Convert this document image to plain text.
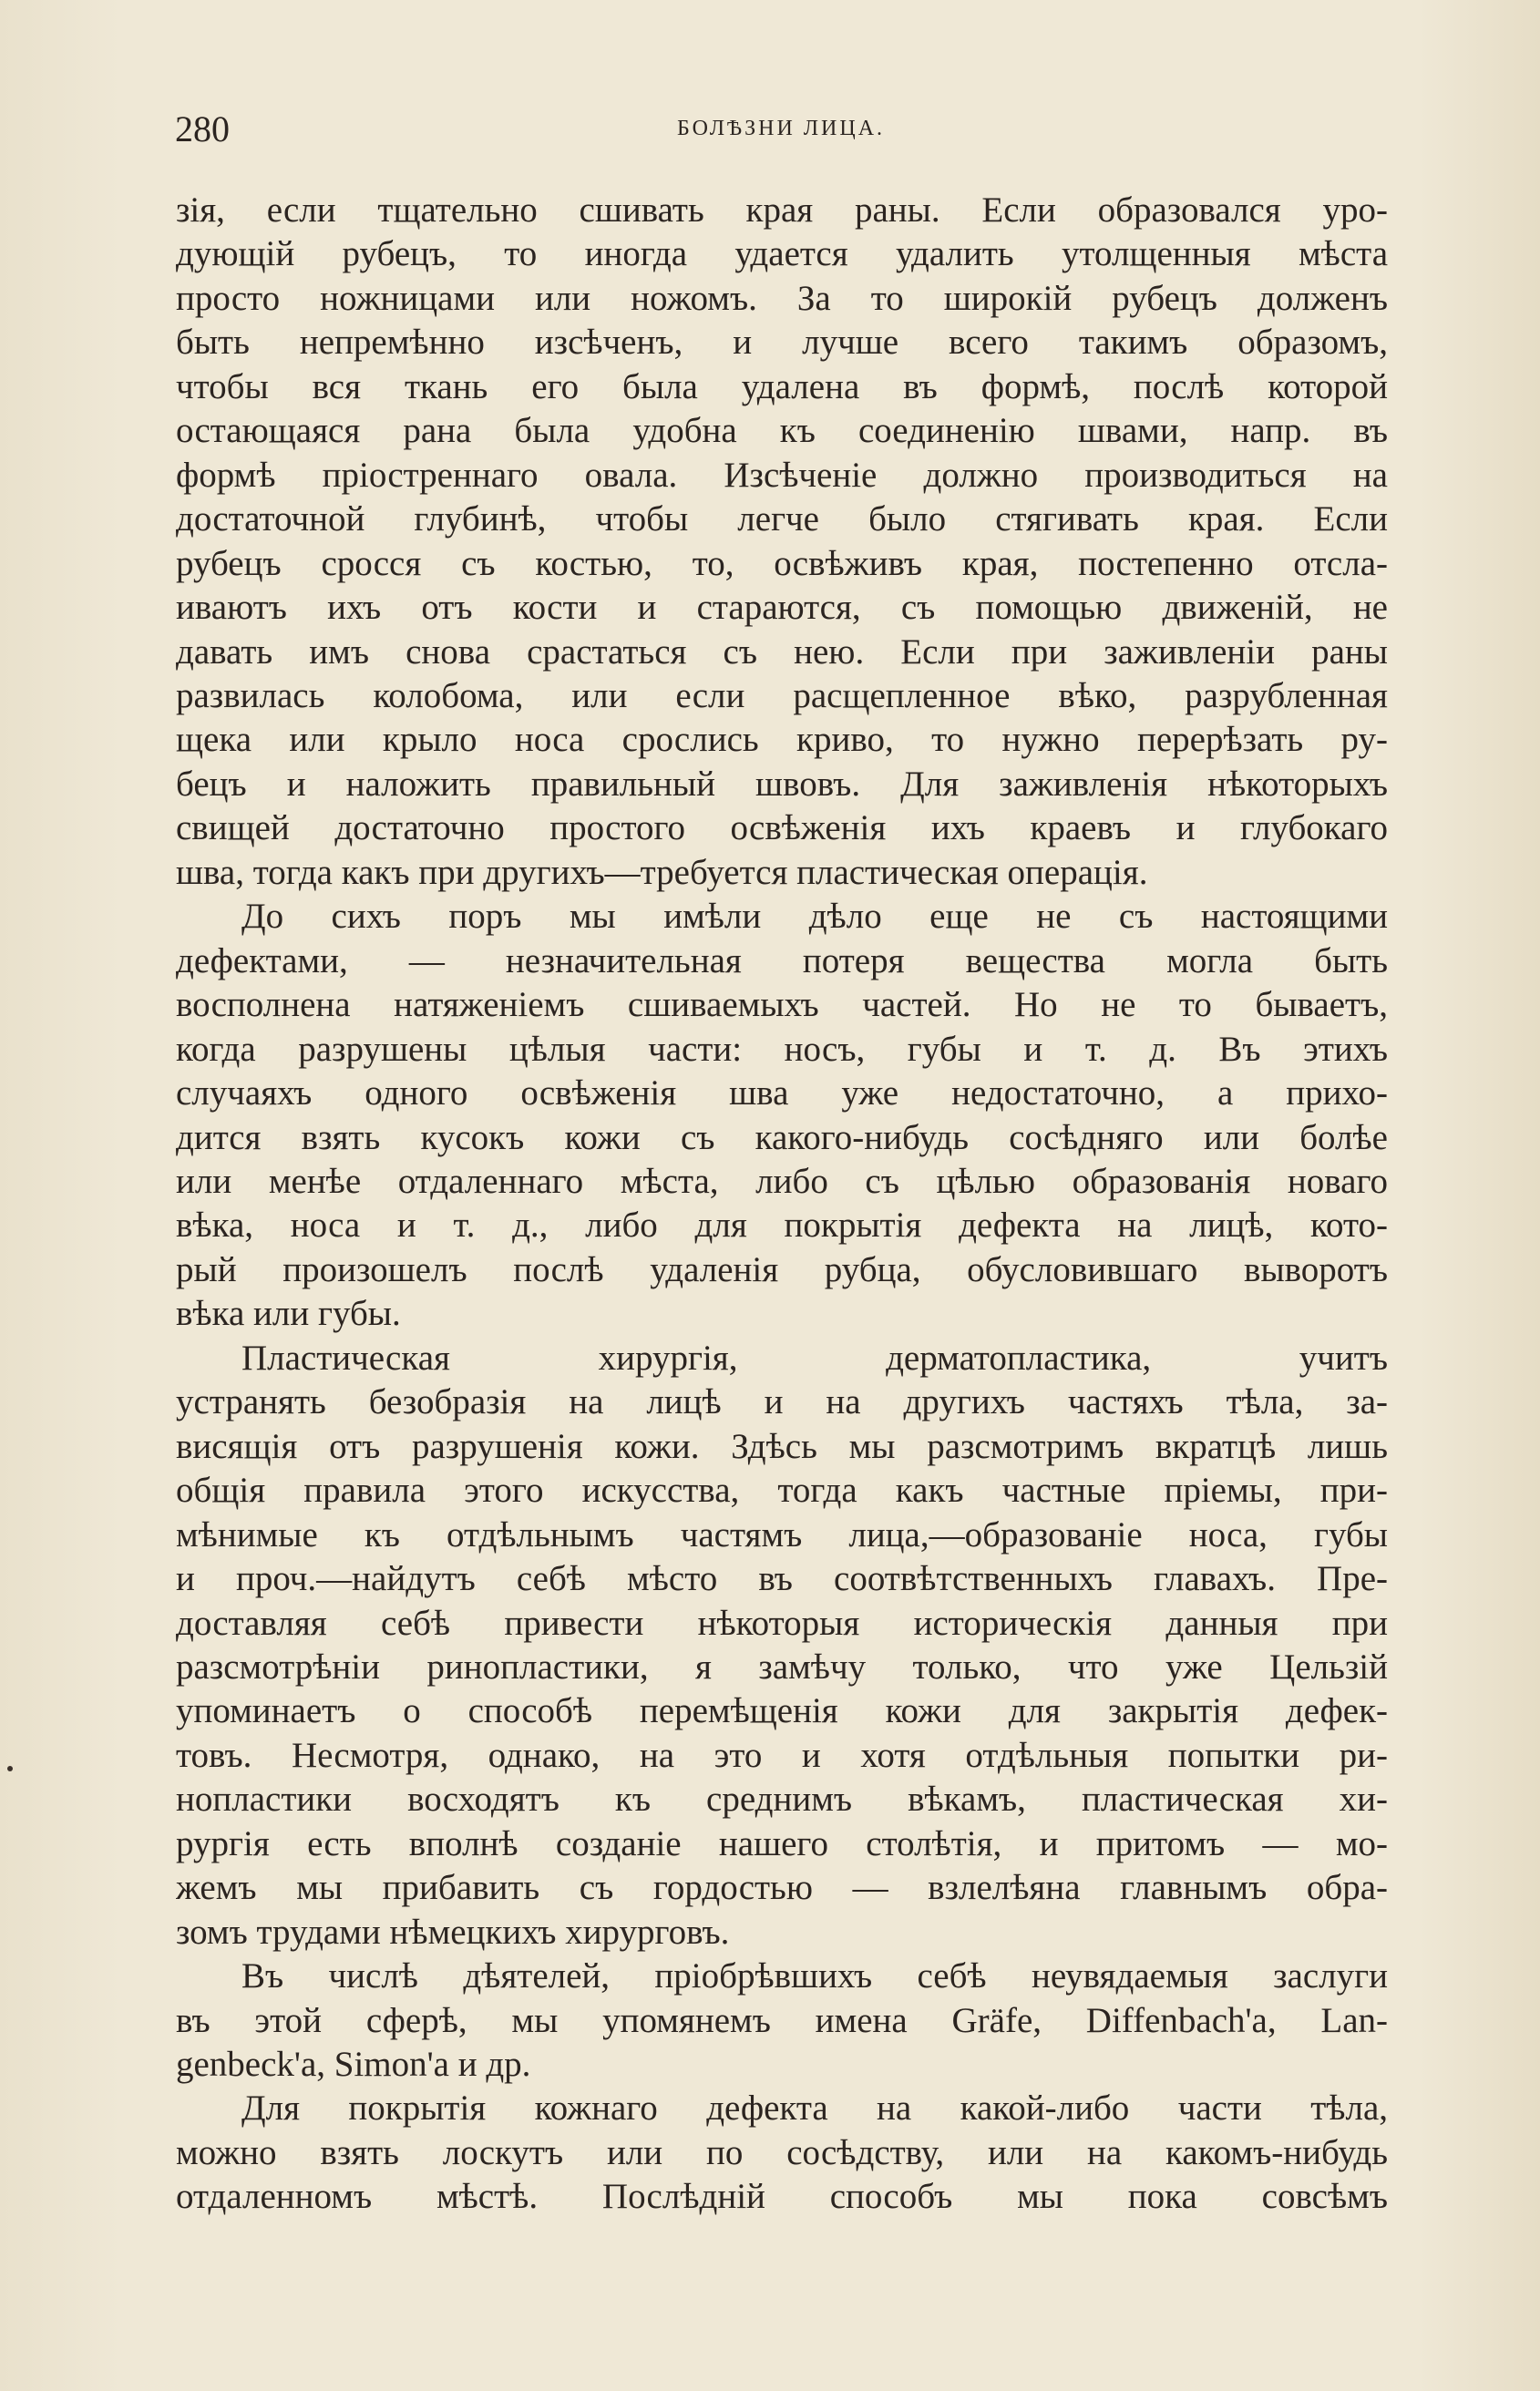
280	БОЛѢЗНИ ЛИЦА.
зія, если тщательно сшивать края раны. Если образовался уро-
дующій рубецъ, то иногда удается удалить утолщенныя мѣста
просто ножницами или ножомъ. За то широкій рубецъ долженъ
быть непремѣнно изсѣченъ, и лучше всего такимъ образомъ,
чтобы вся ткань его была удалена въ формѣ, послѣ которой
остающаяся рана была удобна къ соединенію швами, напр. въ
формѣ пріостреннаго овала. Изсѣченіе должно производиться на
достаточной глубинѣ, чтобы легче было стягивать края. Если
рубецъ сросся съ костью, то, освѣживъ края, постепенно отсла-
иваютъ ихъ отъ кости и стараются, съ помощью движеній, не
давать имъ снова срастаться съ нею. Если при заживленіи раны
развилась колобома, или если расщепленное вѣко, разрубленная
щека или крыло носа срослись криво, то нужно перерѣзать ру-
бецъ и наложить правильный швовъ. Для заживленія нѣкоторыхъ
свищей достаточно простого освѣженія ихъ краевъ и глубокаго
шва, тогда какъ при другихъ—требуется пластическая операція.
До сихъ поръ мы имѣли дѣло еще не съ настоящими
дефектами, — незначительная потеря вещества могла быть
восполнена натяженіемъ сшиваемыхъ частей. Но не то бываетъ,
когда разрушены цѣлыя части: носъ, губы и т. д. Въ этихъ
случаяхъ одного освѣженія шва уже недостаточно, а прихо-
дится взять кусокъ кожи съ какого-нибудь сосѣдняго или болѣе
или менѣе отдаленнаго мѣста, либо съ цѣлью образованія новаго
вѣка, носа и т. д., либо для покрытія дефекта на лицѣ, кото-
рый произошелъ послѣ удаленія рубца, обусловившаго выворотъ
вѣка или губы.
Пластическая хирургія, дерматопластика, учитъ
устранять безобразія на лицѣ и на другихъ частяхъ тѣла, за-
висящія отъ разрушенія кожи. Здѣсь мы разсмотримъ вкратцѣ лишь
общія правила этого искусства, тогда какъ частные пріемы, при-
мѣнимые къ отдѣльнымъ частямъ лица,—образованіе носа, губы
и проч.—найдутъ себѣ мѣсто въ соотвѣтственныхъ главахъ. Пре-
доставляя себѣ привести нѣкоторыя историческія данныя при
разсмотрѣніи ринопластики, я замѣчу только, что уже Цельзій
упоминаетъ о способѣ перемѣщенія кожи для закрытія дефек-
товъ. Несмотря, однако, на это и хотя отдѣльныя попытки ри-
нопластики восходятъ къ среднимъ вѣкамъ, пластическая хи-
рургія есть вполнѣ созданіе нашего столѣтія, и притомъ — мо-
жемъ мы прибавить съ гордостью — взлелѣяна главнымъ обра-
зомъ трудами нѣмецкихъ хирурговъ.
Въ числѣ дѣятелей, пріобрѣвшихъ себѣ неувядаемыя заслуги
въ этой сферѣ, мы упомянемъ имена Gräfe, Diffenbach'a, Lan-
genbeck'a, Simon'a и др.
Для покрытія кожнаго дефекта на какой-либо части тѣла,
можно взять лоскутъ или по сосѣдству, или на какомъ-нибудь
отдаленномъ мѣстѣ. Послѣдній способъ мы пока совсѣмъ
